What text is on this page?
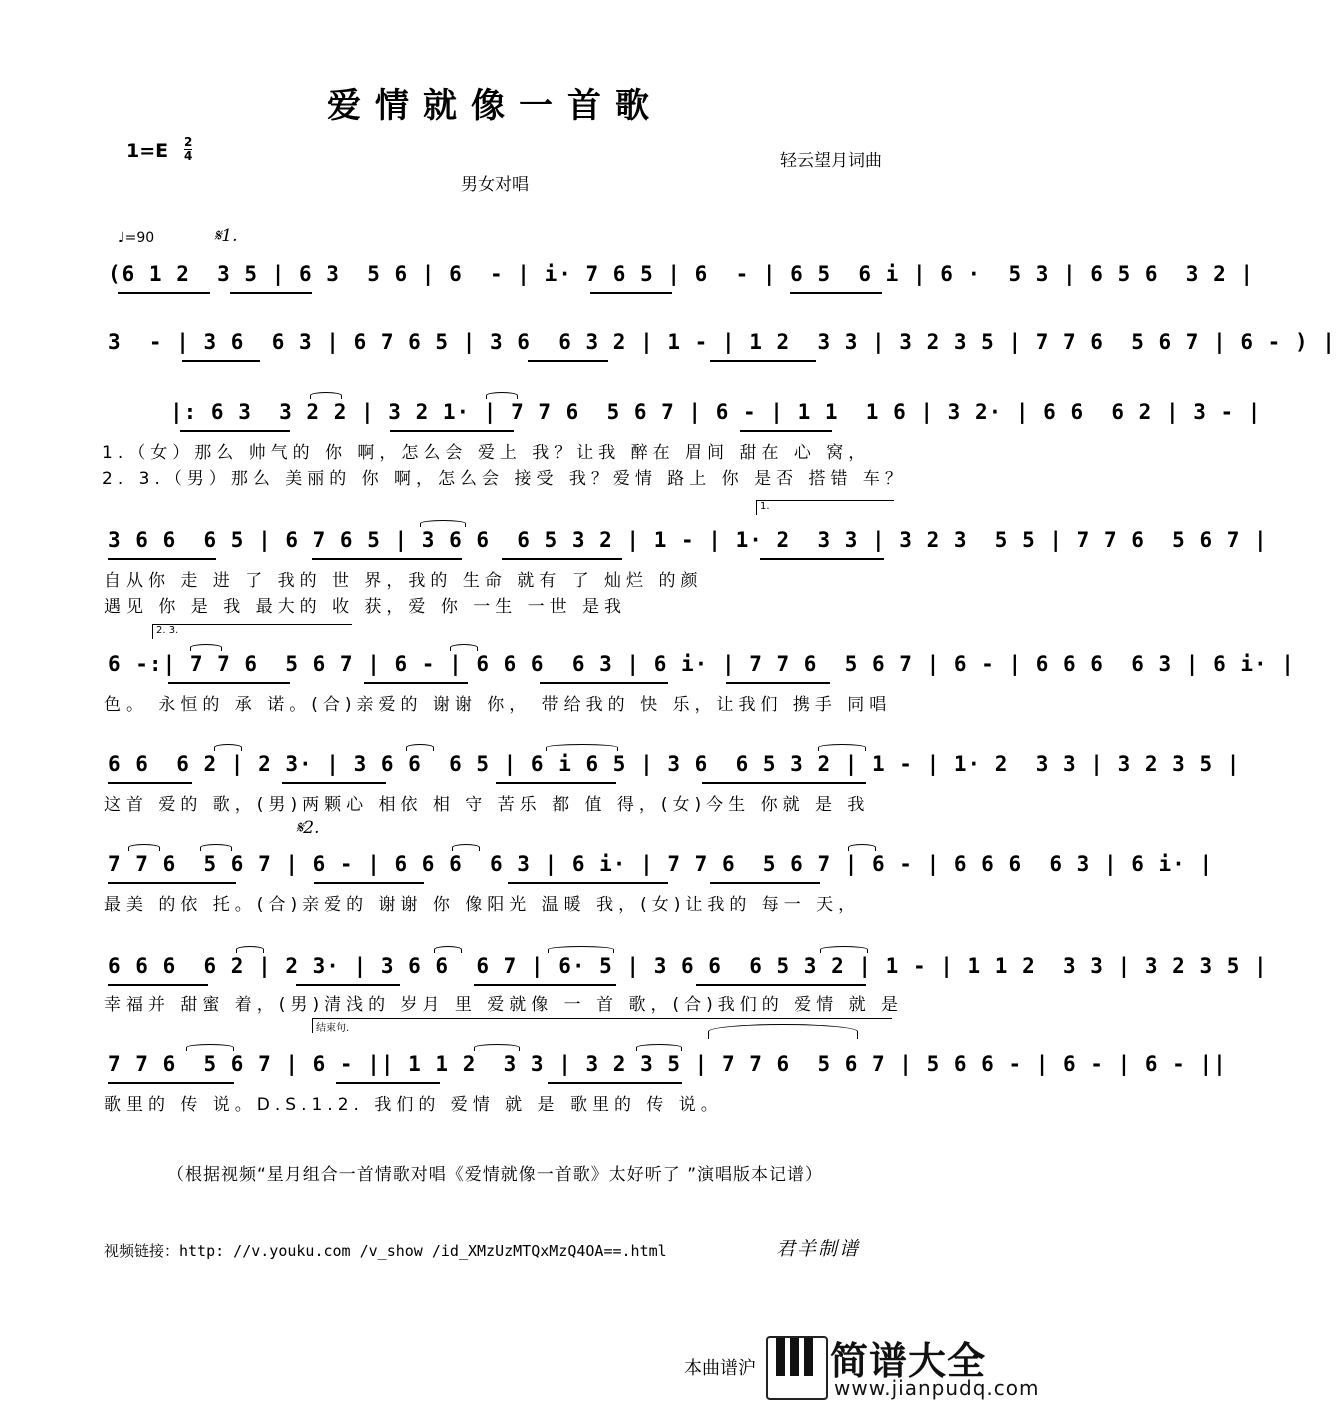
爱情就像一首歌
$1=E \frac{2}{4}$	轻云望月词曲
男女对唱
♩=90	𝄋1.
(6 1 2  3 5 | 6 3  5 6 | 6  - | i· 7 6 5 | 6  - | 6 5  6 i | 6 ·  5 3 | 6 5 6  3 2 |
3  - | 3 6  6 3 | 6 7 6 5 | 3 6  6 3 2 | 1 - | 1 2  3 3 | 3 2 3 5 | 7 7 6  5 6 7 | 6 - ) |
|: 6 3  3 2 2 | 3 2 1· | 7 7 6  5 6 7 | 6 - | 1 1  1 6 | 3 2· | 6 6  6 2 | 3 - |
1.（女）那么 帅气的 你 啊，怎么会 爱上 我？让我 醉在 眉间 甜在 心 窝，
2. 3.（男）那么 美丽的 你 啊，怎么会 接受 我？爱情 路上 你 是否 搭错 车？
1.
3 6 6  6 5 | 6 7 6 5 | 3 6 6  6 5 3 2 | 1 - | 1· 2  3 3 | 3 2 3  5 5 | 7 7 6  5 6 7 |
自从你 走 进 了 我的 世 界，我的 生命 就有 了 灿烂 的颜
遇见 你 是 我 最大的 收 获，爱 你 一生 一世 是我
2. 3.
6 -:| 7 7 6  5 6 7 | 6 - | 6 6 6  6 3 | 6 i· | 7 7 6  5 6 7 | 6 - | 6 6 6  6 3 | 6 i· |
色。 永恒的 承 诺。(合)亲爱的 谢谢 你， 带给我的 快 乐，让我们 携手 同唱
6 6  6 2 | 2 3· | 3 6 6  6 5 | 6 i 6 5 | 3 6  6 5 3 2 | 1 - | 1· 2  3 3 | 3 2 3 5 |
这首 爱的 歌，(男)两颗心 相依 相 守 苦乐 都 值 得，(女)今生 你就 是 我
𝄋2.
7 7 6  5 6 7 | 6 - | 6 6 6  6 3 | 6 i· | 7 7 6  5 6 7 | 6 - | 6 6 6  6 3 | 6 i· |
最美 的依 托。(合)亲爱的 谢谢 你 像阳光 温暖 我，(女)让我的 每一 天，
6 6 6  6 2 | 2 3· | 3 6 6  6 7 | 6· 5 | 3 6 6  6 5 3 2 | 1 - | 1 1 2  3 3 | 3 2 3 5 |
幸福并 甜蜜 着，(男)清浅的 岁月 里 爱就像 一 首 歌，(合)我们的 爱情 就 是
结束句.
7 7 6  5 6 7 | 6 - || 1 1 2  3 3 | 3 2 3 5 | 7 7 6  5 6 7 | 5 6 6 - | 6 - | 6 - ||
歌里的 传 说。D.S.1.2. 我们的 爱情 就 是 歌里的 传 说。
（根据视频“星月组合一首情歌对唱《爱情就像一首歌》太好听了 ”演唱版本记谱）
视频链接：http: //v.youku.com /v_show /id_XMzUzMTQxMzQ4OA==.html	君羊制谱
本曲谱沪 简谱大全
www.jianpudq.com
